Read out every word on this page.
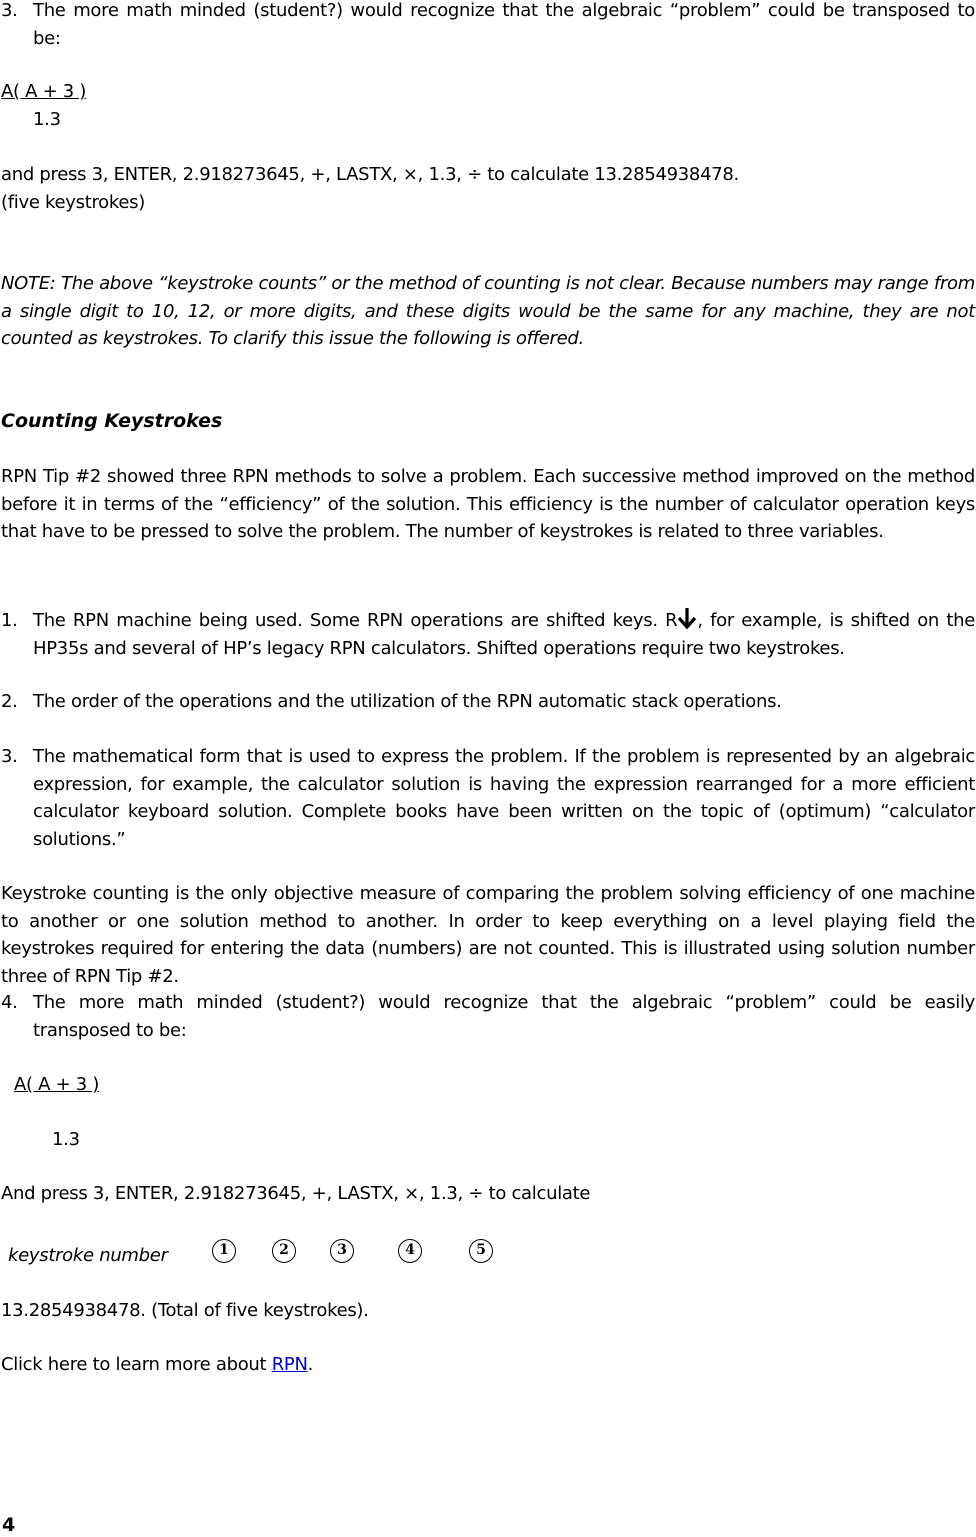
3. The more math minded (student?) would recognize that the algebraic “problem” could be transposed to be:
A( A + 3 )
1.3
and press 3, ENTER, 2.918273645, +, LASTX, ×, 1.3, ÷ to calculate 13.2854938478.
(five keystrokes)
NOTE: The above “keystroke counts” or the method of counting is not clear. Because numbers may range from a single digit to 10, 12, or more digits, and these digits would be the same for any machine, they are not counted as keystrokes. To clarify this issue the following is offered.
Counting Keystrokes
RPN Tip #2 showed three RPN methods to solve a problem. Each successive method improved on the method before it in terms of the “efficiency” of the solution. This efficiency is the number of calculator operation keys that have to be pressed to solve the problem. The number of keystrokes is related to three variables.
1. The RPN machine being used. Some RPN operations are shifted keys. R , for example, is shifted on the HP35s and several of HP’s legacy RPN calculators. Shifted operations require two keystrokes.
2. The order of the operations and the utilization of the RPN automatic stack operations.
3. The mathematical form that is used to express the problem. If the problem is represented by an algebraic expression, for example, the calculator solution is having the expression rearranged for a more efficient calculator keyboard solution. Complete books have been written on the topic of (optimum) “calculator solutions.”
Keystroke counting is the only objective measure of comparing the problem solving efficiency of one machine to another or one solution method to another. In order to keep everything on a level playing field the keystrokes required for entering the data (numbers) are not counted. This is illustrated using solution number three of RPN Tip #2.
4. The more math minded (student?) would recognize that the algebraic “problem” could be easily transposed to be:
A( A + 3 )
1.3
And press 3, ENTER, 2.918273645, +, LASTX, ×, 1.3, ÷ to calculate
keystroke number	1	2	3	4	5
13.2854938478. (Total of five keystrokes).
Click here to learn more about RPN.
4
